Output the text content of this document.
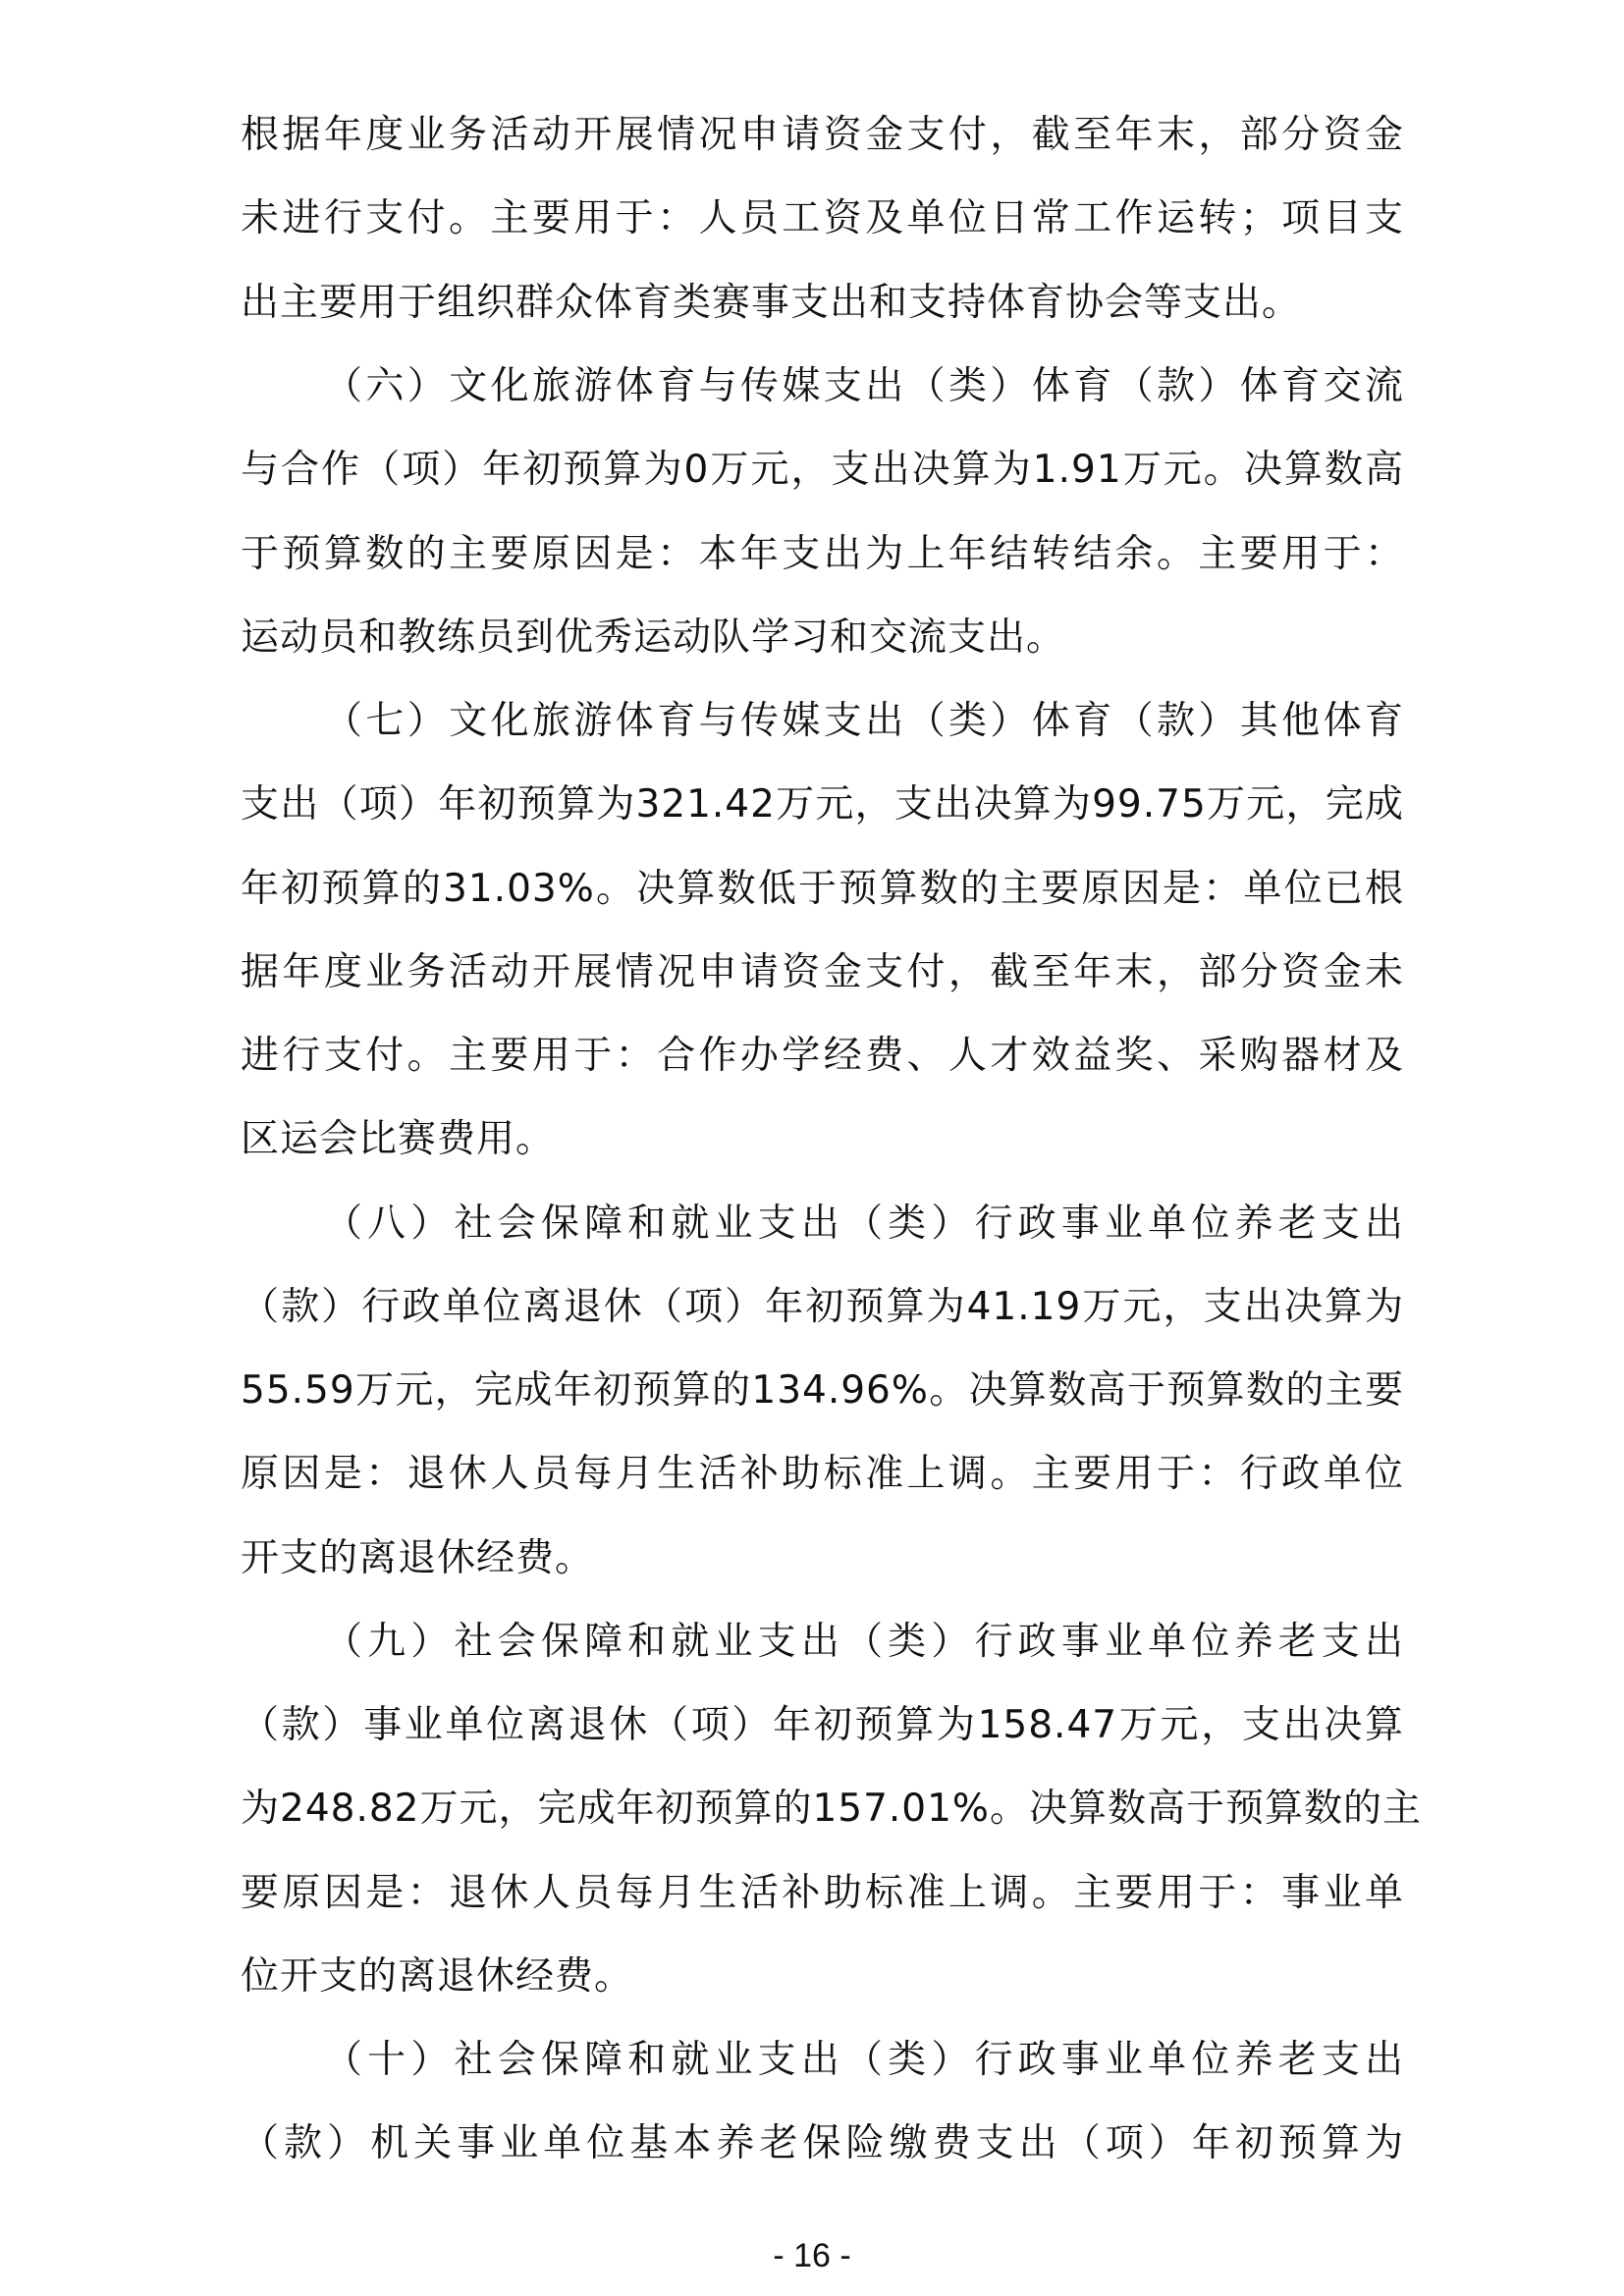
根据年度业务活动开展情况申请资金支付，截至年末，部分资金
未进行支付。主要用于：人员工资及单位日常工作运转；项目支
出主要用于组织群众体育类赛事支出和支持体育协会等支出。
（六）文化旅游体育与传媒支出（类）体育（款）体育交流
与合作（项）年初预算为0万元，支出决算为1.91万元。决算数高
于预算数的主要原因是：本年支出为上年结转结余。主要用于：
运动员和教练员到优秀运动队学习和交流支出。
（七）文化旅游体育与传媒支出（类）体育（款）其他体育
支出（项）年初预算为321.42万元，支出决算为99.75万元，完成
年初预算的31.03%。决算数低于预算数的主要原因是：单位已根
据年度业务活动开展情况申请资金支付，截至年末，部分资金未
进行支付。主要用于：合作办学经费、人才效益奖、采购器材及
区运会比赛费用。
（八）社会保障和就业支出（类）行政事业单位养老支出
（款）行政单位离退休（项）年初预算为41.19万元，支出决算为
55.59万元，完成年初预算的134.96%。决算数高于预算数的主要
原因是：退休人员每月生活补助标准上调。主要用于：行政单位
开支的离退休经费。
（九）社会保障和就业支出（类）行政事业单位养老支出
（款）事业单位离退休（项）年初预算为158.47万元，支出决算
为248.82万元，完成年初预算的157.01%。决算数高于预算数的主
要原因是：退休人员每月生活补助标准上调。主要用于：事业单
位开支的离退休经费。
（十）社会保障和就业支出（类）行政事业单位养老支出
（款）机关事业单位基本养老保险缴费支出（项）年初预算为
- 16 -
